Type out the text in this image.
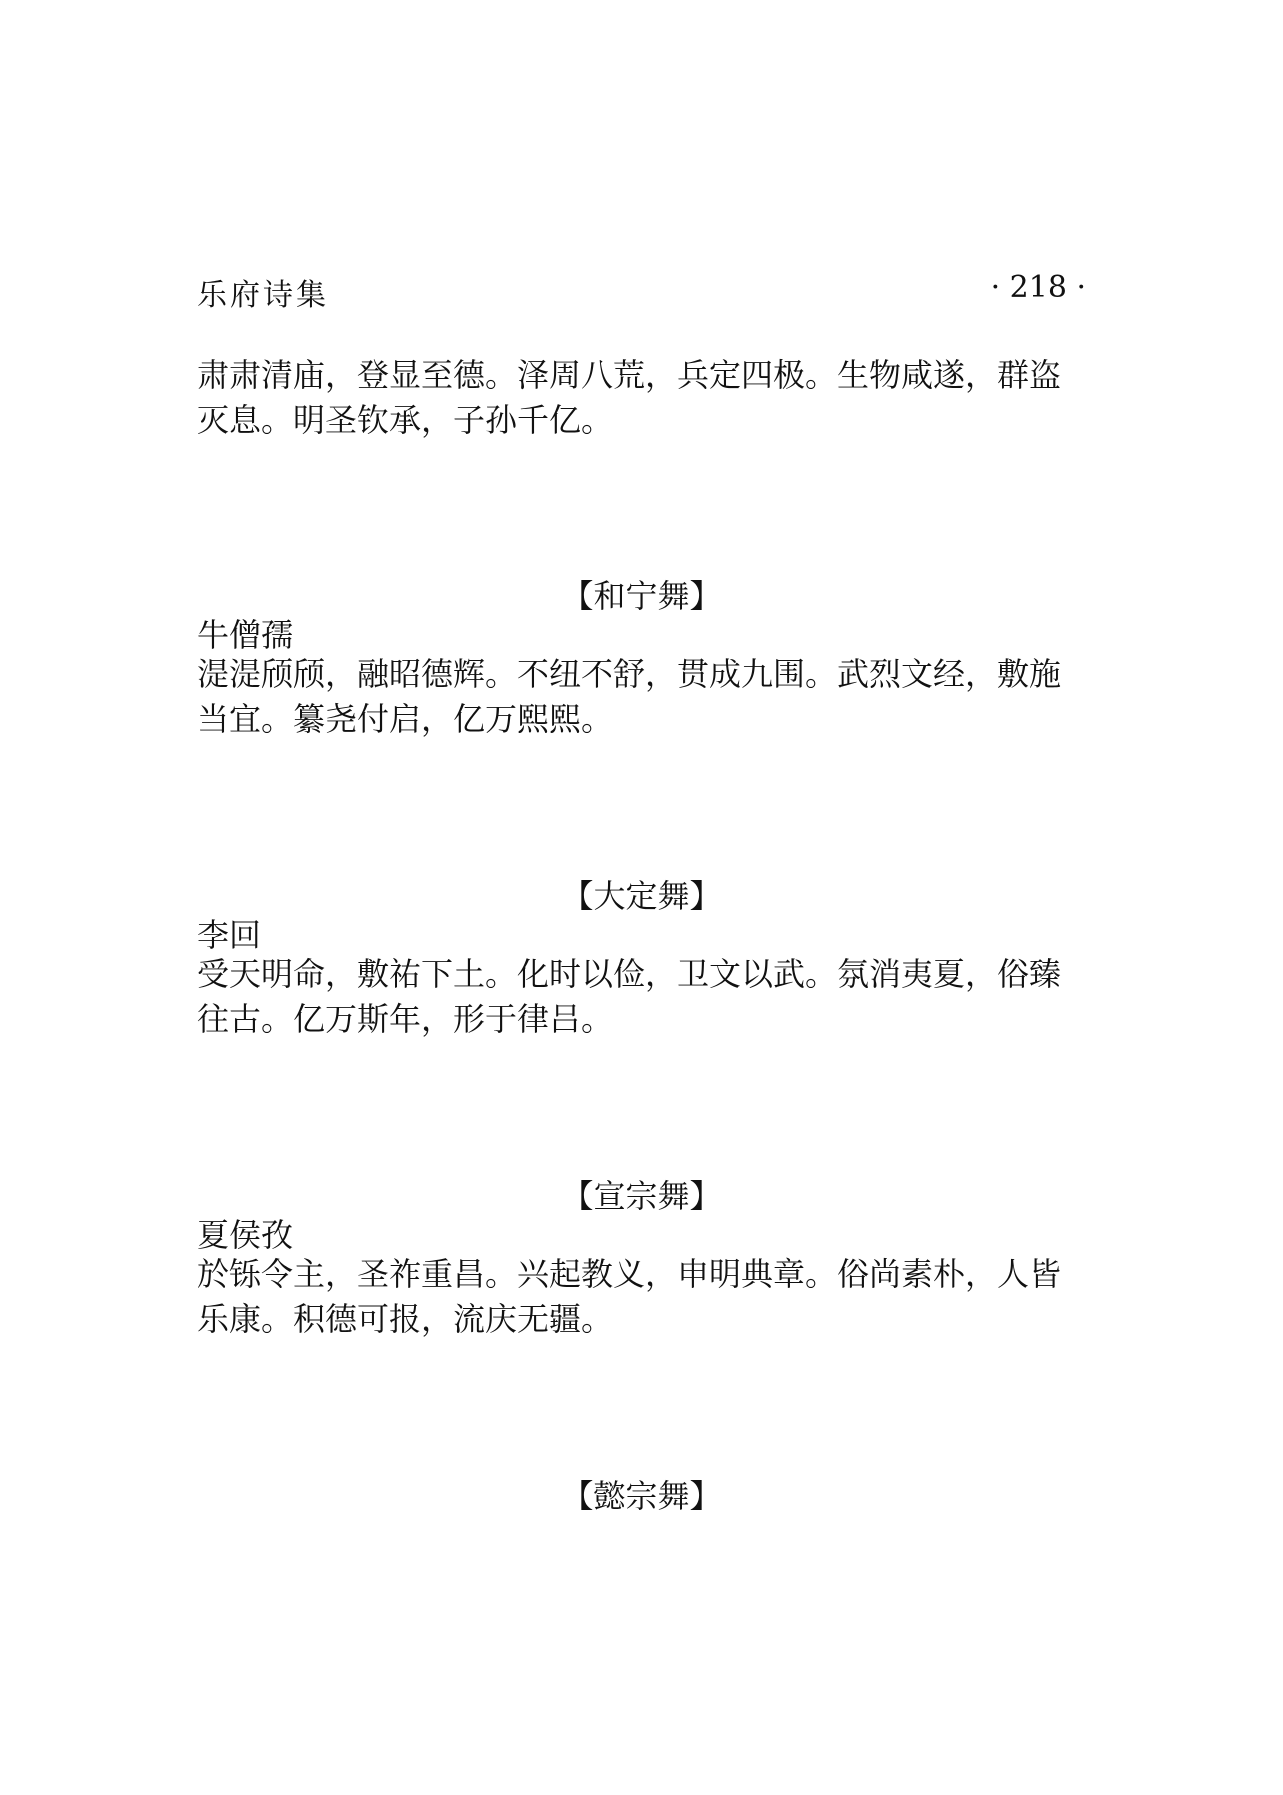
乐府诗集	· 218 ·
肃肃清庙，登显至德。泽周八荒，兵定四极。生物咸遂，群盗
灭息。明圣钦承，子孙千亿。
【和宁舞】
牛僧孺
湜湜颀颀，融昭德辉。不纽不舒，贯成九围。武烈文经，敷施
当宜。纂尧付启，亿万熙熙。
【大定舞】
李回
受天明命，敷祐下土。化时以俭，卫文以武。氛消夷夏，俗臻
往古。亿万斯年，形于律吕。
【宣宗舞】
夏侯孜
於铄令主，圣祚重昌。兴起教义，申明典章。俗尚素朴，人皆
乐康。积德可报，流庆无疆。
【懿宗舞】
